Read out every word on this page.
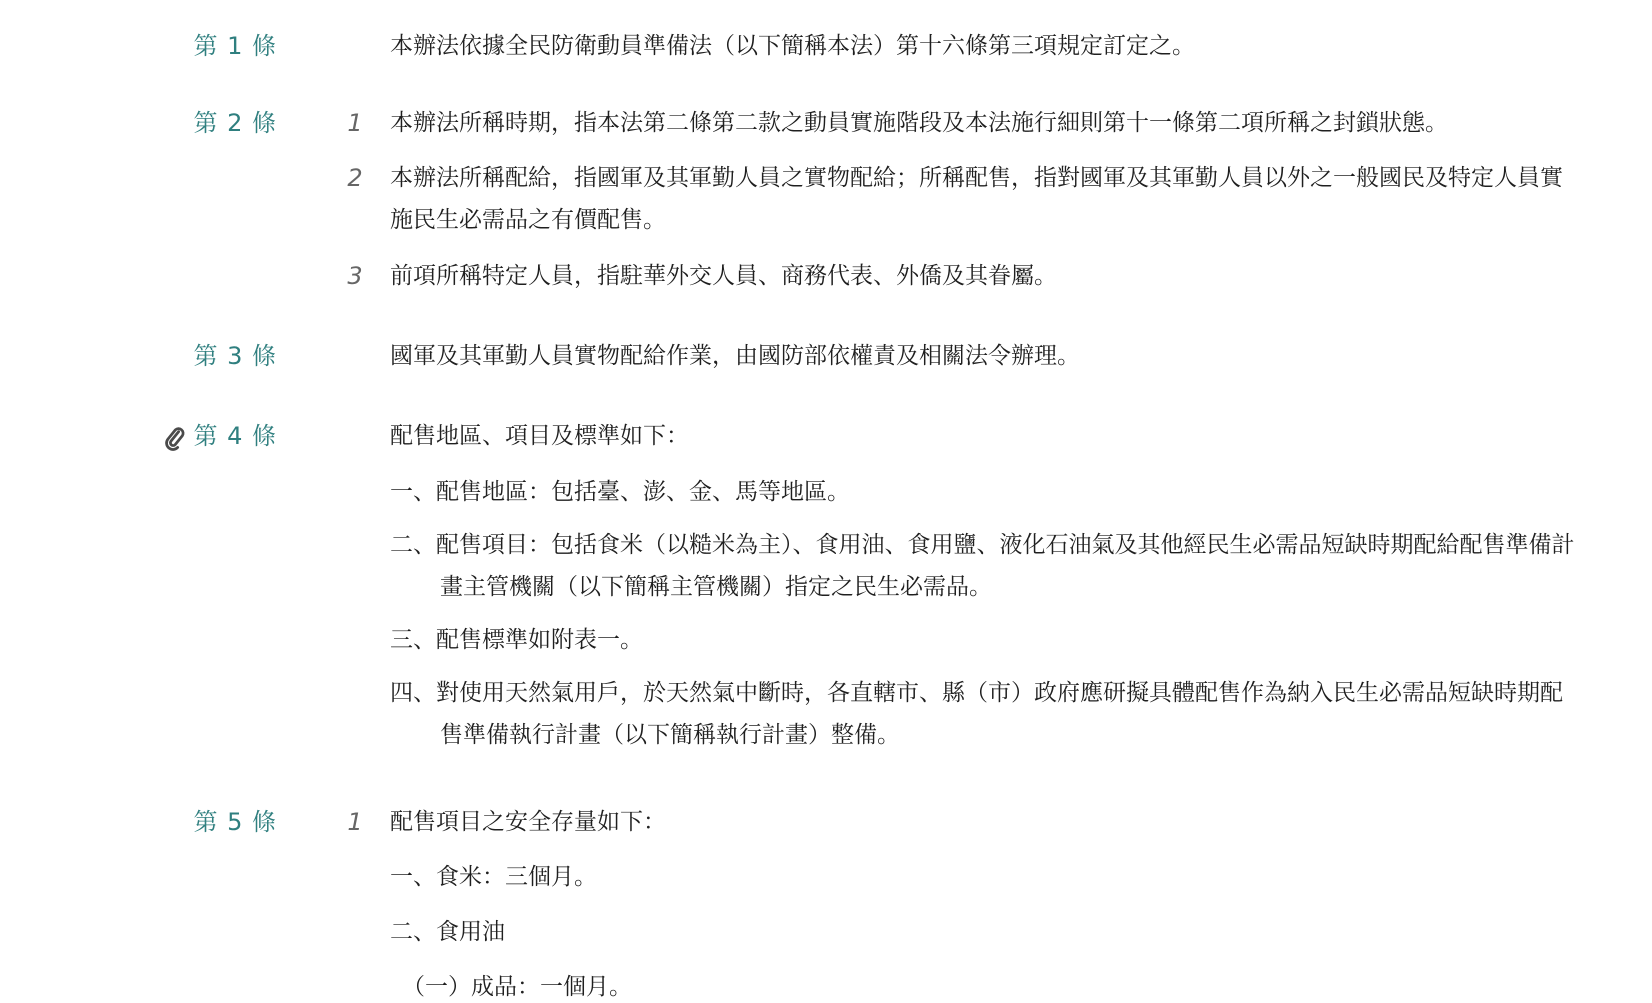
第 1 條	本辦法依據全民防衛動員準備法（以下簡稱本法）第十六條第三項規定訂定之。
第 2 條	1	本辦法所稱時期，指本法第二條第二款之動員實施階段及本法施行細則第十一條第二項所稱之封鎖狀態。
2	本辦法所稱配給，指國軍及其軍勤人員之實物配給；所稱配售，指對國軍及其軍勤人員以外之一般國民及特定人員實施民生必需品之有價配售。
3	前項所稱特定人員，指駐華外交人員、商務代表、外僑及其眷屬。
第 3 條	國軍及其軍勤人員實物配給作業，由國防部依權責及相關法令辦理。
第 4 條	配售地區、項目及標準如下：
一、配售地區：包括臺、澎、金、馬等地區。
二、配售項目：包括食米（以糙米為主）、食用油、食用鹽、液化石油氣及其他經民生必需品短缺時期配給配售準備計畫主管機關（以下簡稱主管機關）指定之民生必需品。
三、配售標準如附表一。
四、對使用天然氣用戶，於天然氣中斷時，各直轄市、縣（市）政府應研擬具體配售作為納入民生必需品短缺時期配售準備執行計畫（以下簡稱執行計畫）整備。
第 5 條	1	配售項目之安全存量如下：
一、食米：三個月。
二、食用油
（一）成品：一個月。
